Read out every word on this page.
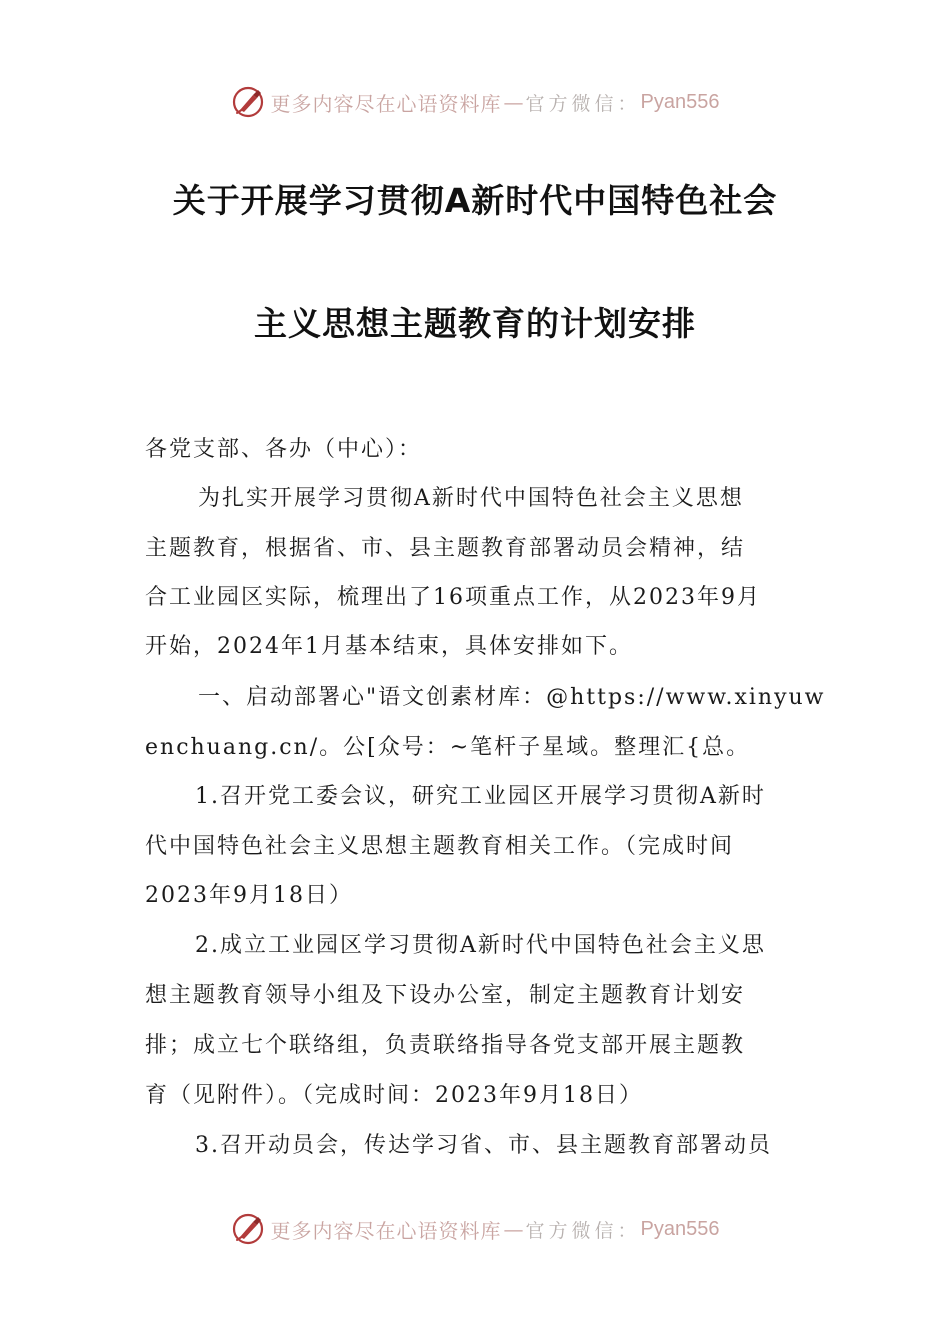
更多内容尽在心语资料库 — 官方微信： Pyan556
关于开展学习贯彻A新时代中国特色社会
主义思想主题教育的计划安排
各党支部、各办（中心）：
为扎实开展学习贯彻A新时代中国特色社会主义思想
主题教育，根据省、市、县主题教育部署动员会精神，结
合工业园区实际，梳理出了16项重点工作，从2023年9月
开始，2024年1月基本结束，具体安排如下。
一、启动部署心"语文创素材库：@https://www.xinyuw
enchuang.cn/。公[众号：~笔杆子星域。整理汇{总。
1.召开党工委会议，研究工业园区开展学习贯彻A新时
代中国特色社会主义思想主题教育相关工作。（完成时间
2023年9月18日）
2.成立工业园区学习贯彻A新时代中国特色社会主义思
想主题教育领导小组及下设办公室，制定主题教育计划安
排；成立七个联络组，负责联络指导各党支部开展主题教
育（见附件）。（完成时间：2023年9月18日）
3.召开动员会，传达学习省、市、县主题教育部署动员
更多内容尽在心语资料库 — 官方微信： Pyan556
